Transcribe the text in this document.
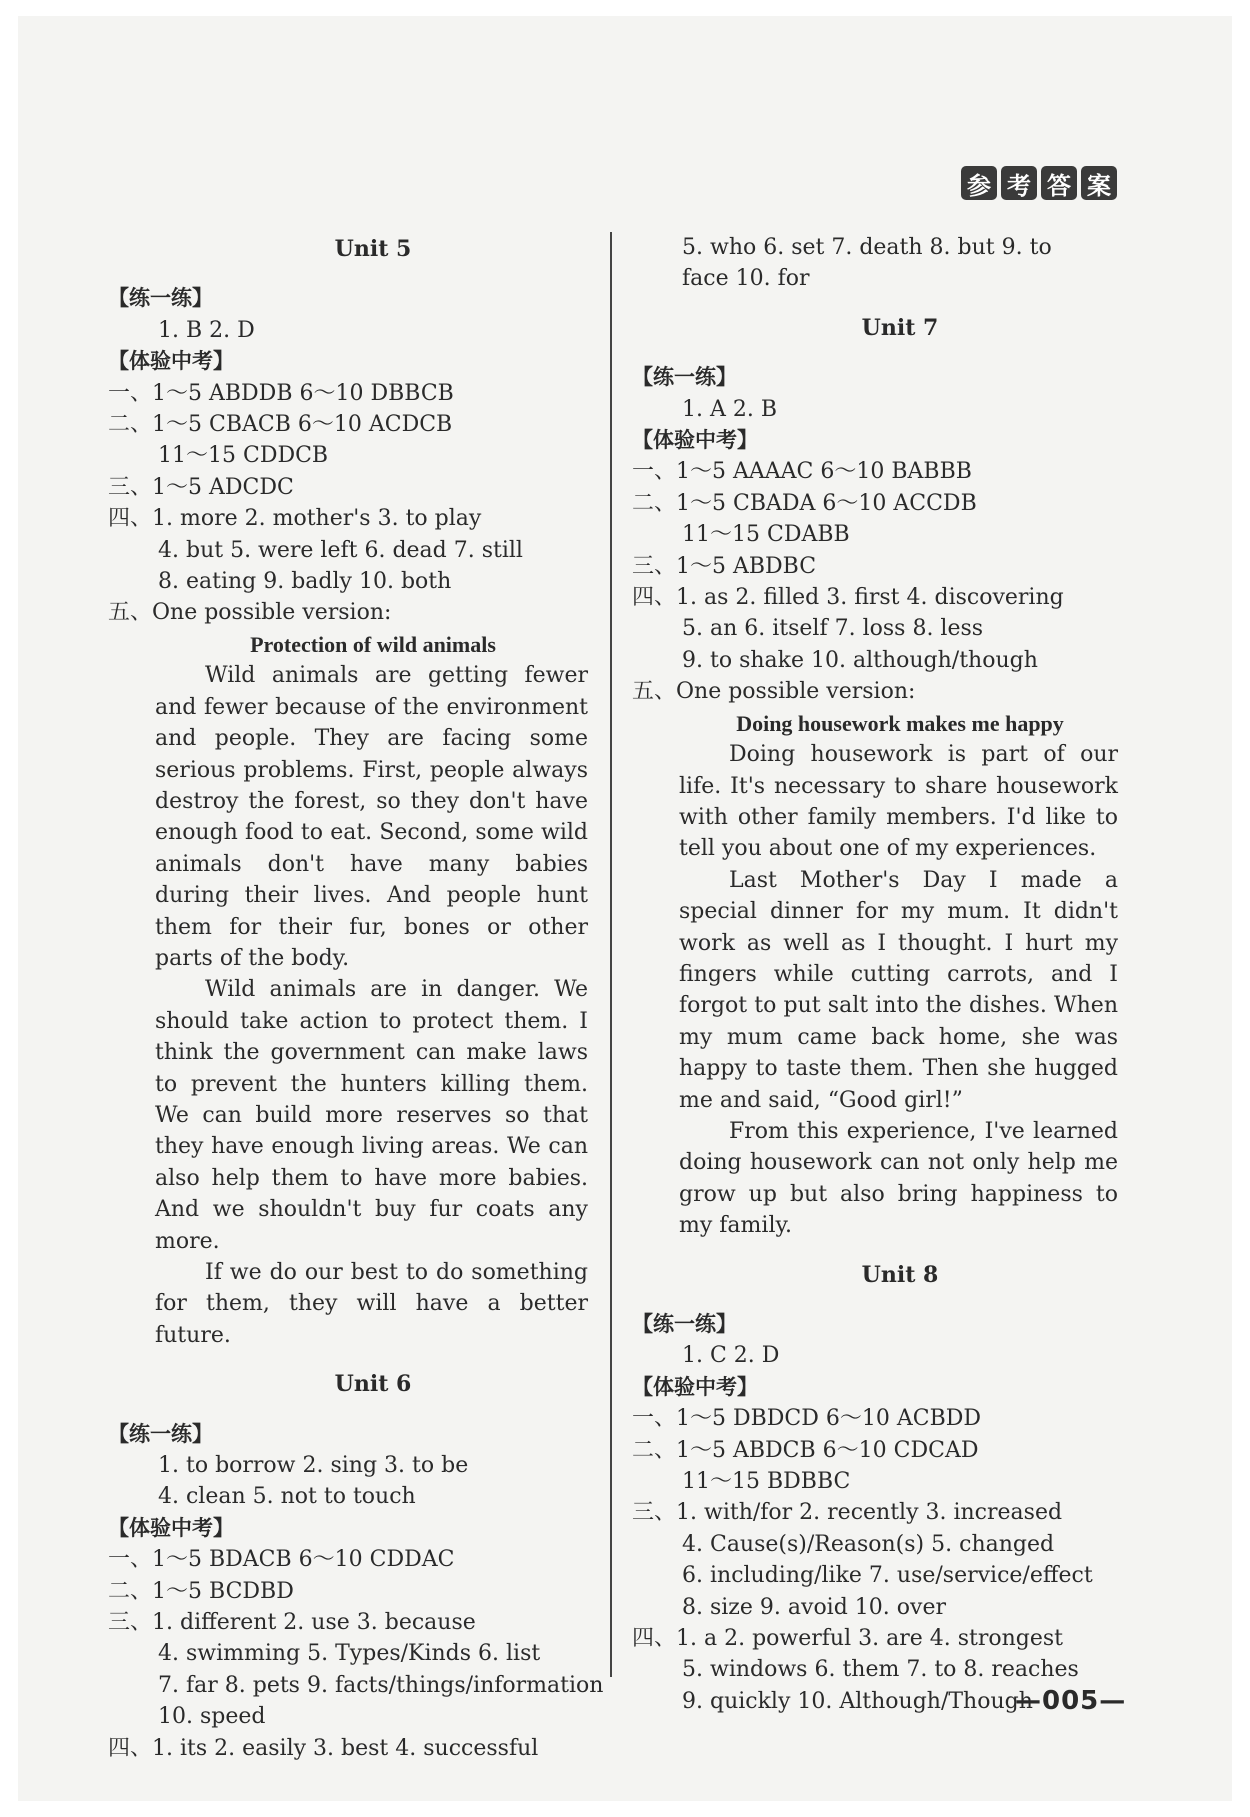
参 考 答 案

Unit 5

【练一练】

1. B 2. D

【体验中考】

一、1～5 ABDDB 6～10 DBBCB

二、1～5 CBACB 6～10 ACDCB

11～15 CDDCB

三、1～5 ADCDC

四、1. more 2. mother's 3. to play

4. but 5. were left 6. dead 7. still

8. eating 9. badly 10. both

五、One possible version:

Protection of wild animals

Wild animals are getting fewer and fewer because of the environment and people. They are facing some serious problems. First, people always destroy the forest, so they don't have enough food to eat. Second, some wild animals don't have many babies during their lives. And people hunt them for their fur, bones or other parts of the body.

Wild animals are in danger. We should take action to protect them. I think the government can make laws to prevent the hunters killing them. We can build more reserves so that they have enough living areas. We can also help them to have more babies. And we shouldn't buy fur coats any more.

If we do our best to do something for them, they will have a better future.

Unit 6

【练一练】

1. to borrow 2. sing 3. to be

4. clean 5. not to touch

【体验中考】

一、1～5 BDACB 6～10 CDDAC

二、1～5 BCDBD

三、1. different 2. use 3. because

4. swimming 5. Types/Kinds 6. list

7. far 8. pets 9. facts/things/information

10. speed

四、1. its 2. easily 3. best 4. successful

5. who 6. set 7. death 8. but 9. to

face 10. for

Unit 7

【练一练】

1. A 2. B

【体验中考】

一、1～5 AAAAC 6～10 BABBB

二、1～5 CBADA 6～10 ACCDB

11～15 CDABB

三、1～5 ABDBC

四、1. as 2. filled 3. first 4. discovering

5. an 6. itself 7. loss 8. less

9. to shake 10. although/though

五、One possible version:

Doing housework makes me happy

Doing housework is part of our life. It's necessary to share housework with other family members. I'd like to tell you about one of my experiences.

Last Mother's Day I made a special dinner for my mum. It didn't work as well as I thought. I hurt my fingers while cutting carrots, and I forgot to put salt into the dishes. When my mum came back home, she was happy to taste them. Then she hugged me and said, “Good girl!”

From this experience, I've learned doing housework can not only help me grow up but also bring happiness to my family.

Unit 8

【练一练】

1. C 2. D

【体验中考】

一、1～5 DBDCD 6～10 ACBDD

二、1～5 ABDCB 6～10 CDCAD

11～15 BDBBC

三、1. with/for 2. recently 3. increased

4. Cause(s)/Reason(s) 5. changed

6. including/like 7. use/service/effect

8. size 9. avoid 10. over

四、1. a 2. powerful 3. are 4. strongest

5. windows 6. them 7. to 8. reaches

9. quickly 10. Although/Though

—005—
